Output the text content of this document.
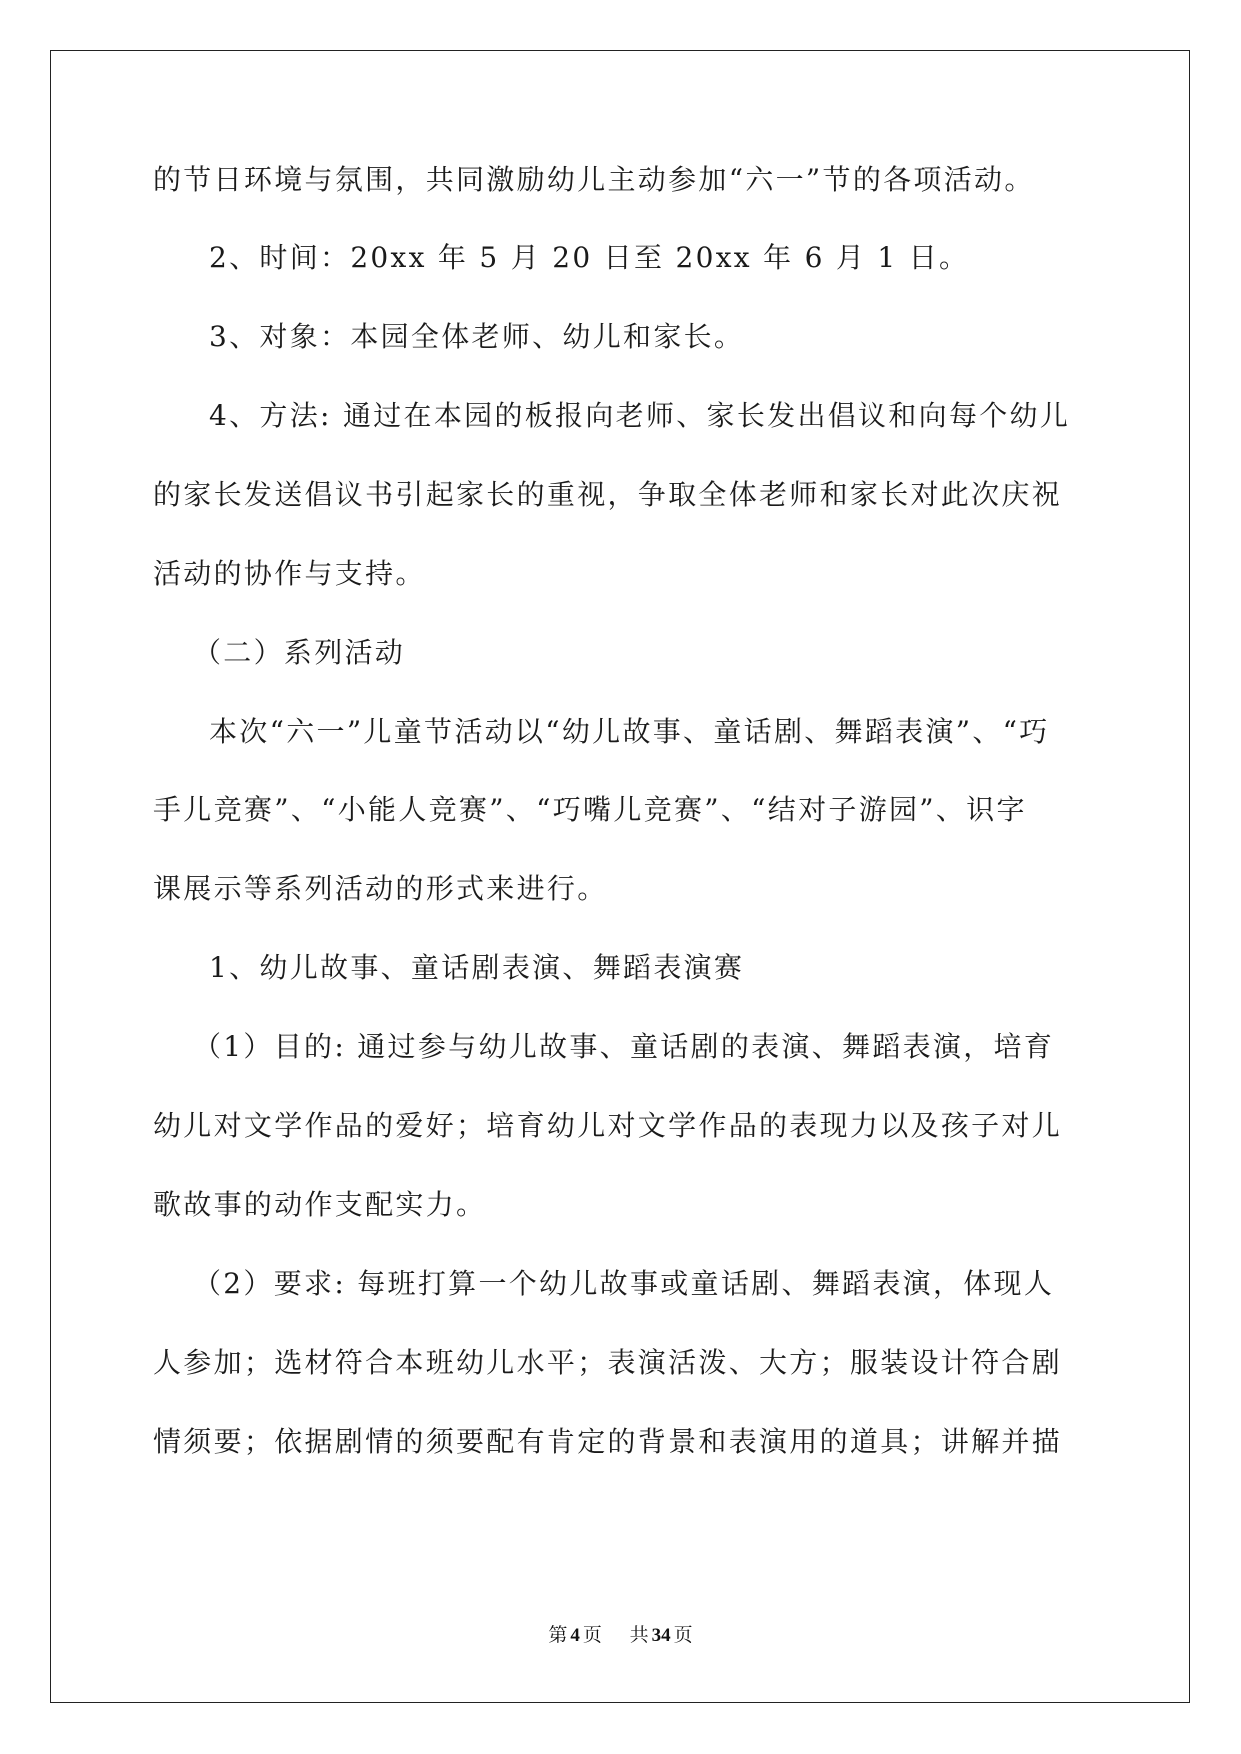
的节日环境与氛围，共同激励幼儿主动参加“六一”节的各项活动。
2、时间：20xx 年 5 月 20 日至 20xx 年 6 月 1 日。
3、对象：本园全体老师、幼儿和家长。
4、方法: 通过在本园的板报向老师、家长发出倡议和向每个幼儿
的家长发送倡议书引起家长的重视，争取全体老师和家长对此次庆祝
活动的协作与支持。
（二）系列活动
本次“六一”儿童节活动以“幼儿故事、童话剧、舞蹈表演”、“巧
手儿竞赛”、“小能人竞赛”、“巧嘴儿竞赛”、“结对子游园”、识字
课展示等系列活动的形式来进行。
1、幼儿故事、童话剧表演、舞蹈表演赛
（1）目的: 通过参与幼儿故事、童话剧的表演、舞蹈表演，培育
幼儿对文学作品的爱好；培育幼儿对文学作品的表现力以及孩子对儿
歌故事的动作支配实力。
（2）要求: 每班打算一个幼儿故事或童话剧、舞蹈表演，体现人
人参加；选材符合本班幼儿水平；表演活泼、大方；服装设计符合剧
情须要；依据剧情的须要配有肯定的背景和表演用的道具；讲解并描
第 4 页 共 34 页
